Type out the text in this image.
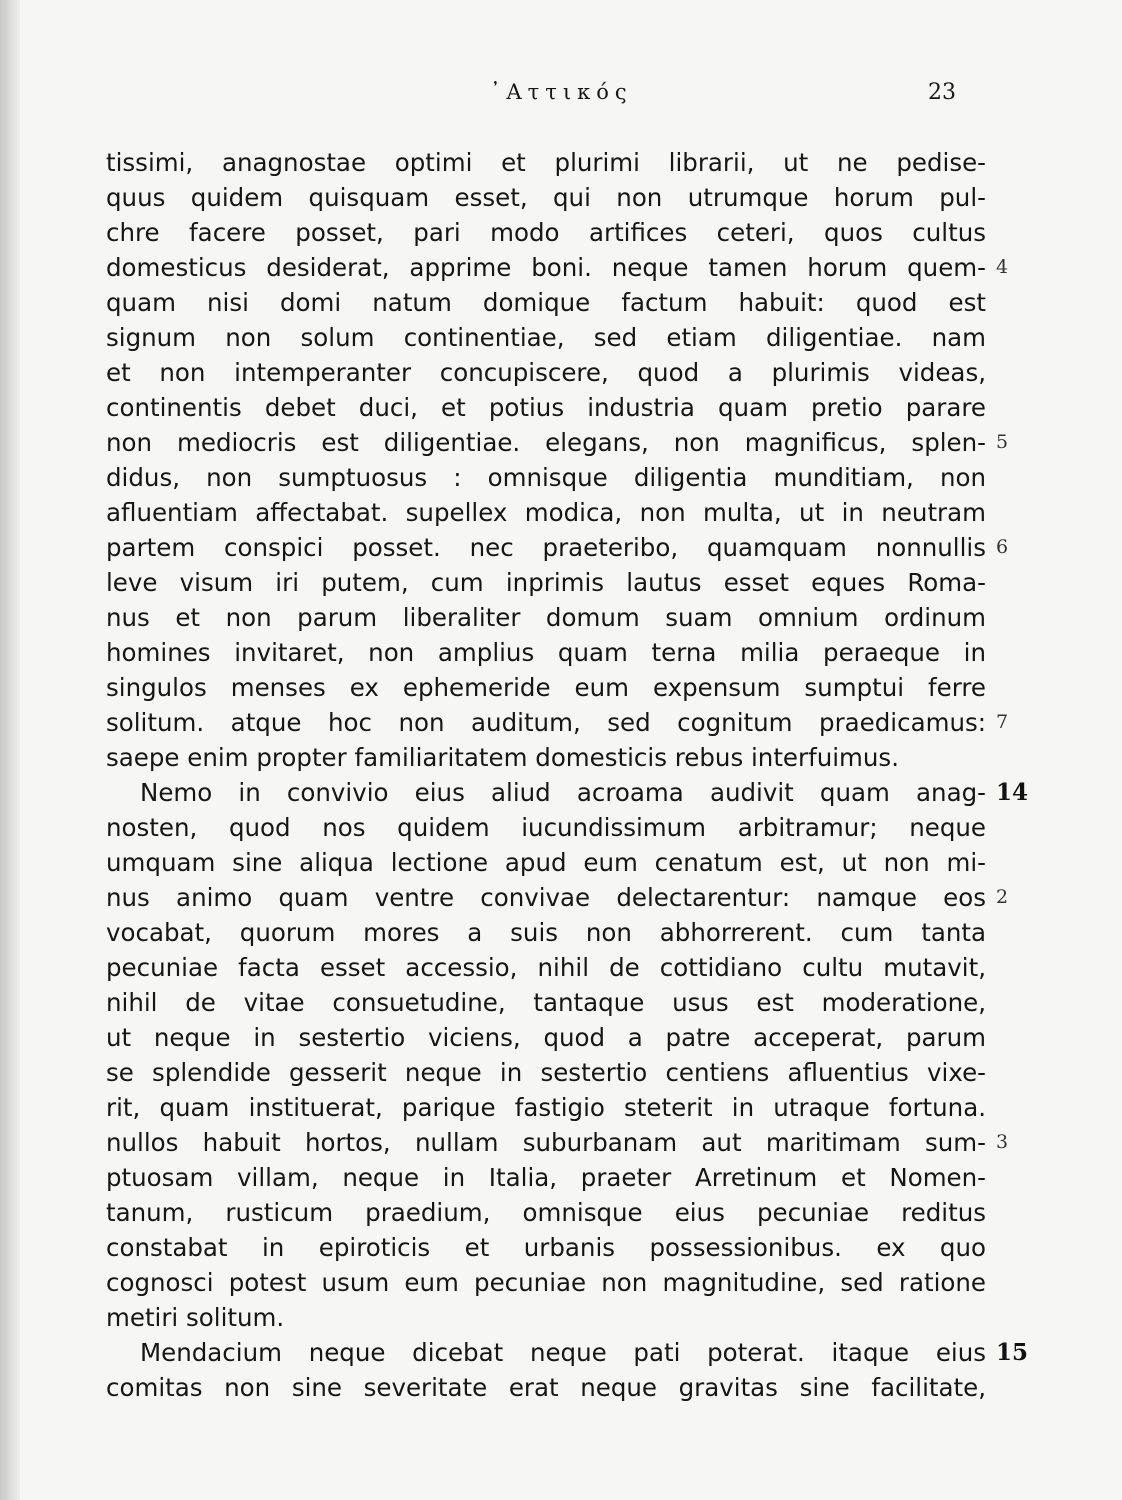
᾿Αττικός	23
tissimi, anagnostae optimi et plurimi librarii, ut ne pedise-
quus quidem quisquam esset, qui non utrumque horum pul-
chre facere posset, pari modo artifices ceteri, quos cultus
domesticus desiderat, apprime boni. neque tamen horum quem-
quam nisi domi natum domique factum habuit: quod est
signum non solum continentiae, sed etiam diligentiae. nam
et non intemperanter concupiscere, quod a plurimis videas,
continentis debet duci, et potius industria quam pretio parare
non mediocris est diligentiae. elegans, non magnificus, splen-
didus, non sumptuosus : omnisque diligentia munditiam, non
afluentiam affectabat. supellex modica, non multa, ut in neutram
partem conspici posset. nec praeteribo, quamquam nonnullis
leve visum iri putem, cum inprimis lautus esset eques Roma-
nus et non parum liberaliter domum suam omnium ordinum
homines invitaret, non amplius quam terna milia peraeque in
singulos menses ex ephemeride eum expensum sumptui ferre
solitum. atque hoc non auditum, sed cognitum praedicamus:
saepe enim propter familiaritatem domesticis rebus interfuimus.
Nemo in convivio eius aliud acroama audivit quam anag-
nosten, quod nos quidem iucundissimum arbitramur; neque
umquam sine aliqua lectione apud eum cenatum est, ut non mi-
nus animo quam ventre convivae delectarentur: namque eos
vocabat, quorum mores a suis non abhorrerent. cum tanta
pecuniae facta esset accessio, nihil de cottidiano cultu mutavit,
nihil de vitae consuetudine, tantaque usus est moderatione,
ut neque in sestertio viciens, quod a patre acceperat, parum
se splendide gesserit neque in sestertio centiens afluentius vixe-
rit, quam instituerat, parique fastigio steterit in utraque fortuna.
nullos habuit hortos, nullam suburbanam aut maritimam sum-
ptuosam villam, neque in Italia, praeter Arretinum et Nomen-
tanum, rusticum praedium, omnisque eius pecuniae reditus
constabat in epiroticis et urbanis possessionibus. ex quo
cognosci potest usum eum pecuniae non magnitudine, sed ratione
metiri solitum.
Mendacium neque dicebat neque pati poterat. itaque eius
comitas non sine severitate erat neque gravitas sine facilitate,
4
5
6
7
14
2
3
15
